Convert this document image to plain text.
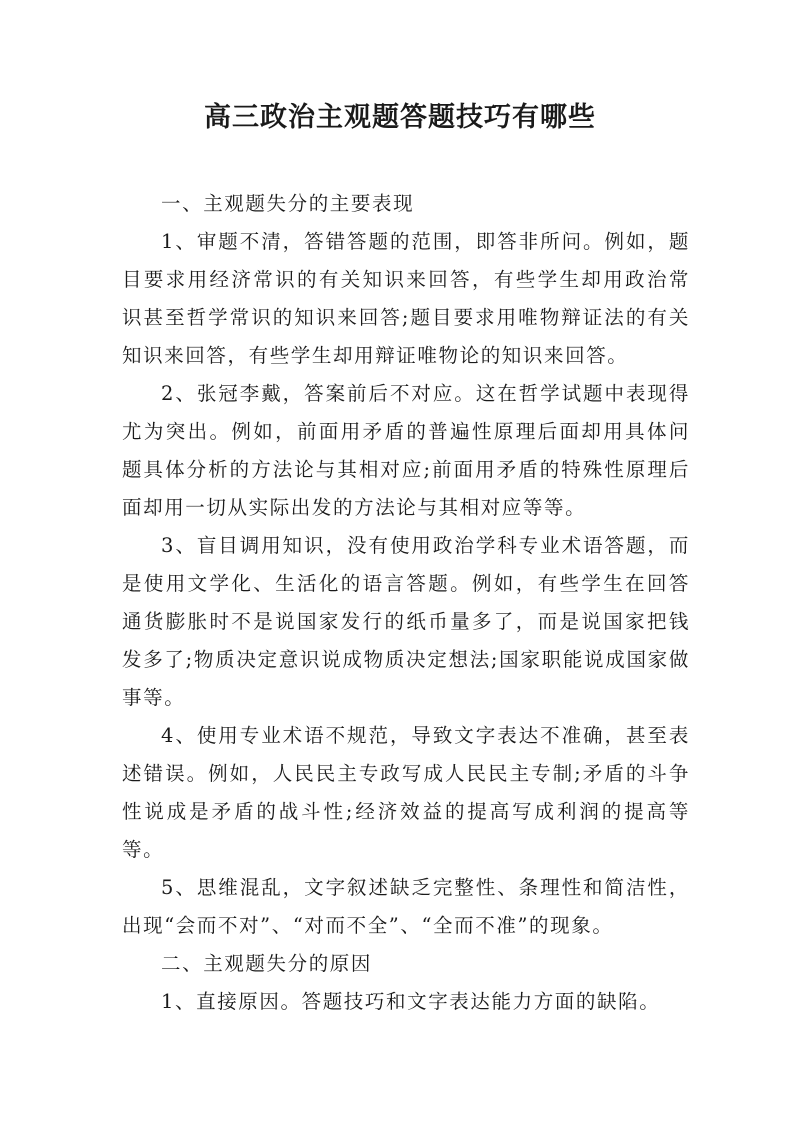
高三政治主观题答题技巧有哪些

一、主观题失分的主要表现

1、审题不清，答错答题的范围，即答非所问。例如，题目要求用经济常识的有关知识来回答，有些学生却用政治常识甚至哲学常识的知识来回答;题目要求用唯物辩证法的有关知识来回答，有些学生却用辩证唯物论的知识来回答。

2、张冠李戴，答案前后不对应。这在哲学试题中表现得尤为突出。例如，前面用矛盾的普遍性原理后面却用具体问题具体分析的方法论与其相对应;前面用矛盾的特殊性原理后面却用一切从实际出发的方法论与其相对应等等。

3、盲目调用知识，没有使用政治学科专业术语答题，而是使用文学化、生活化的语言答题。例如，有些学生在回答通货膨胀时不是说国家发行的纸币量多了，而是说国家把钱发多了;物质决定意识说成物质决定想法;国家职能说成国家做事等。

4、使用专业术语不规范，导致文字表达不准确，甚至表述错误。例如，人民民主专政写成人民民主专制;矛盾的斗争性说成是矛盾的战斗性;经济效益的提高写成利润的提高等等。

5、思维混乱，文字叙述缺乏完整性、条理性和简洁性，出现“会而不对”、“对而不全”、“全而不准”的现象。

二、主观题失分的原因

1、直接原因。答题技巧和文字表达能力方面的缺陷。
